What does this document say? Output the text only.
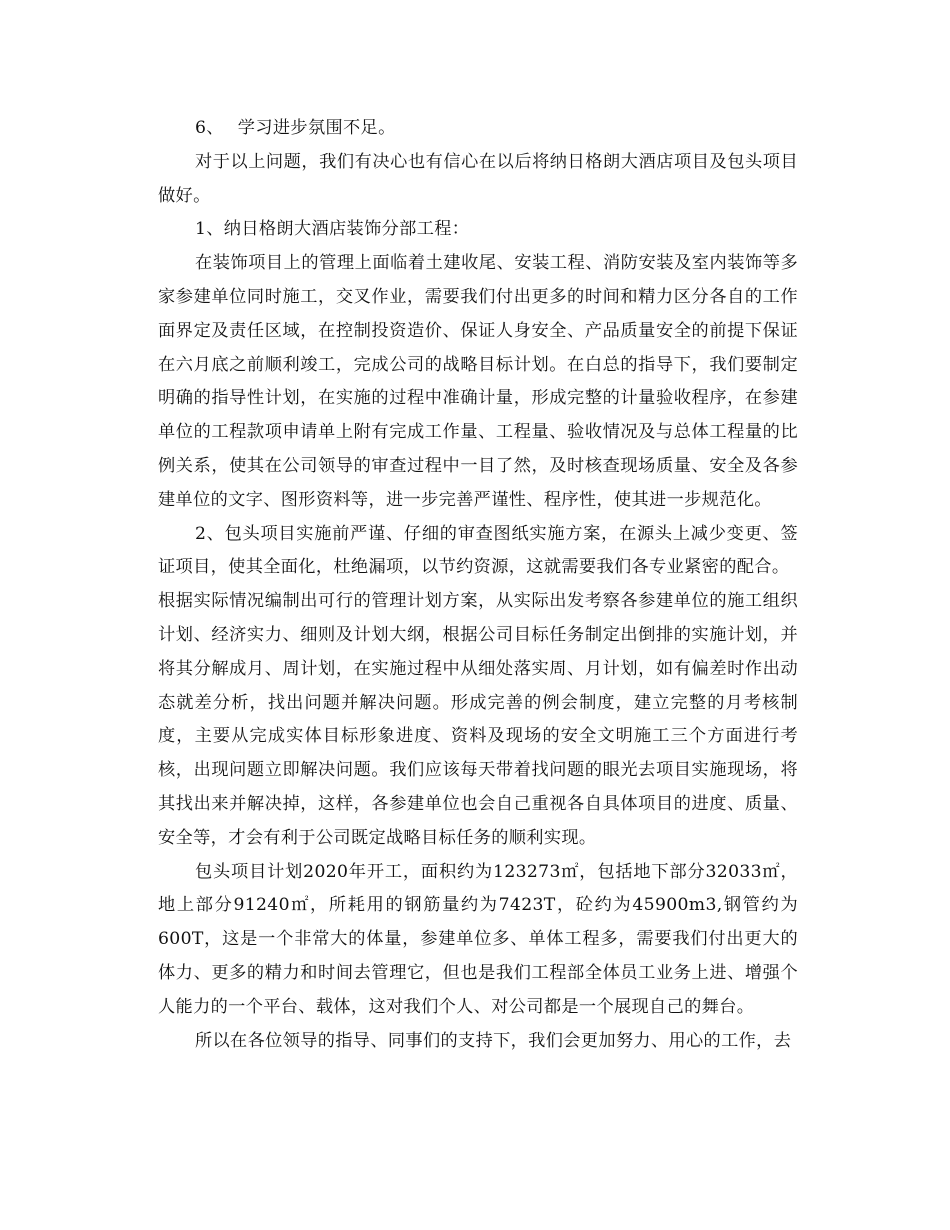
6、 学习进步氛围不足。

对于以上问题，我们有决心也有信心在以后将纳日格朗大酒店项目及包头项目做好。

1、纳日格朗大酒店装饰分部工程：

在装饰项目上的管理上面临着土建收尾、安装工程、消防安装及室内装饰等多家参建单位同时施工，交叉作业，需要我们付出更多的时间和精力区分各自的工作面界定及责任区域，在控制投资造价、保证人身安全、产品质量安全的前提下保证在六月底之前顺利竣工，完成公司的战略目标计划。在白总的指导下，我们要制定明确的指导性计划，在实施的过程中准确计量，形成完整的计量验收程序，在参建单位的工程款项申请单上附有完成工作量、工程量、验收情况及与总体工程量的比例关系，使其在公司领导的审查过程中一目了然，及时核查现场质量、安全及各参建单位的文字、图形资料等，进一步完善严谨性、程序性，使其进一步规范化。

2、包头项目实施前严谨、仔细的审查图纸实施方案，在源头上减少变更、签证项目，使其全面化，杜绝漏项，以节约资源，这就需要我们各专业紧密的配合。

根据实际情况编制出可行的管理计划方案，从实际出发考察各参建单位的施工组织计划、经济实力、细则及计划大纲，根据公司目标任务制定出倒排的实施计划，并将其分解成月、周计划，在实施过程中从细处落实周、月计划，如有偏差时作出动态就差分析，找出问题并解决问题。形成完善的例会制度，建立完整的月考核制度，主要从完成实体目标形象进度、资料及现场的安全文明施工三个方面进行考核，出现问题立即解决问题。我们应该每天带着找问题的眼光去项目实施现场，将其找出来并解决掉，这样，各参建单位也会自己重视各自具体项目的进度、质量、安全等，才会有利于公司既定战略目标任务的顺利实现。

包头项目计划2020年开工，面积约为123273㎡，包括地下部分32033㎡，地上部分91240㎡，所耗用的钢筋量约为7423T，砼约为45900m3,钢管约为600T，这是一个非常大的体量，参建单位多、单体工程多，需要我们付出更大的体力、更多的精力和时间去管理它，但也是我们工程部全体员工业务上进、增强个人能力的一个平台、载体，这对我们个人、对公司都是一个展现自己的舞台。

所以在各位领导的指导、同事们的支持下，我们会更加努力、用心的工作，去
